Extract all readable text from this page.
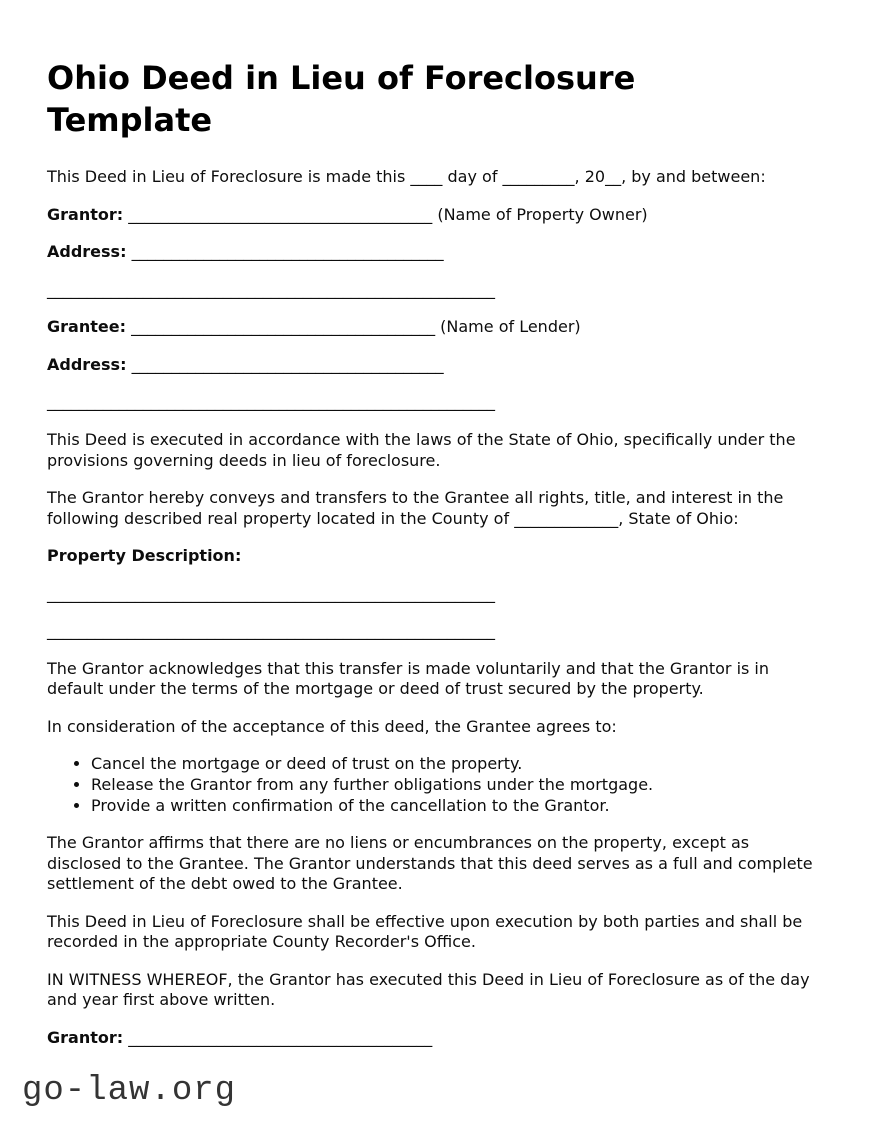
Ohio Deed in Lieu of Foreclosure Template

This Deed in Lieu of Foreclosure is made this ____ day of _________, 20__, by and between:

Grantor: ______________________________________ (Name of Property Owner)

Address: _______________________________________

________________________________________________________

Grantee: ______________________________________ (Name of Lender)

Address: _______________________________________

________________________________________________________

This Deed is executed in accordance with the laws of the State of Ohio, specifically under the provisions governing deeds in lieu of foreclosure.

The Grantor hereby conveys and transfers to the Grantee all rights, title, and interest in the following described real property located in the County of _____________, State of Ohio:

Property Description:

________________________________________________________

________________________________________________________

The Grantor acknowledges that this transfer is made voluntarily and that the Grantor is in default under the terms of the mortgage or deed of trust secured by the property.

In consideration of the acceptance of this deed, the Grantee agrees to:

• Cancel the mortgage or deed of trust on the property.
• Release the Grantor from any further obligations under the mortgage.
• Provide a written confirmation of the cancellation to the Grantor.

The Grantor affirms that there are no liens or encumbrances on the property, except as disclosed to the Grantee. The Grantor understands that this deed serves as a full and complete settlement of the debt owed to the Grantee.

This Deed in Lieu of Foreclosure shall be effective upon execution by both parties and shall be recorded in the appropriate County Recorder's Office.

IN WITNESS WHEREOF, the Grantor has executed this Deed in Lieu of Foreclosure as of the day and year first above written.

Grantor: ______________________________________

go-law.org
